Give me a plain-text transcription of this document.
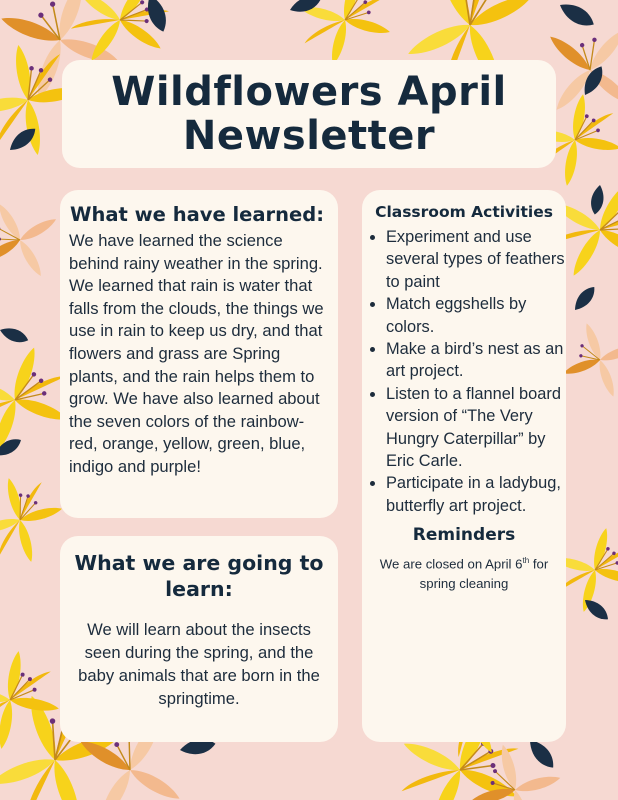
Wildflowers April Newsletter
What we have learned:

We have learned the science behind rainy weather in the spring. We learned that rain is water that falls from the clouds, the things we use in rain to keep us dry, and that flowers and grass are Spring plants, and the rain helps them to grow. We have also learned about the seven colors of the rainbow- red, orange, yellow, green, blue, indigo and purple!

Classroom Activities
• Experiment and use several types of feathers to paint
• Match eggshells by colors.
• Make a bird’s nest as an art project.
• Listen to a flannel board version of “The Very Hungry Caterpillar” by Eric Carle.
• Participate in a ladybug, butterfly art project.
Reminders
We are closed on April 6th for spring cleaning
What we are going to learn:

We will learn about the insects seen during the spring, and the baby animals that are born in the springtime.
